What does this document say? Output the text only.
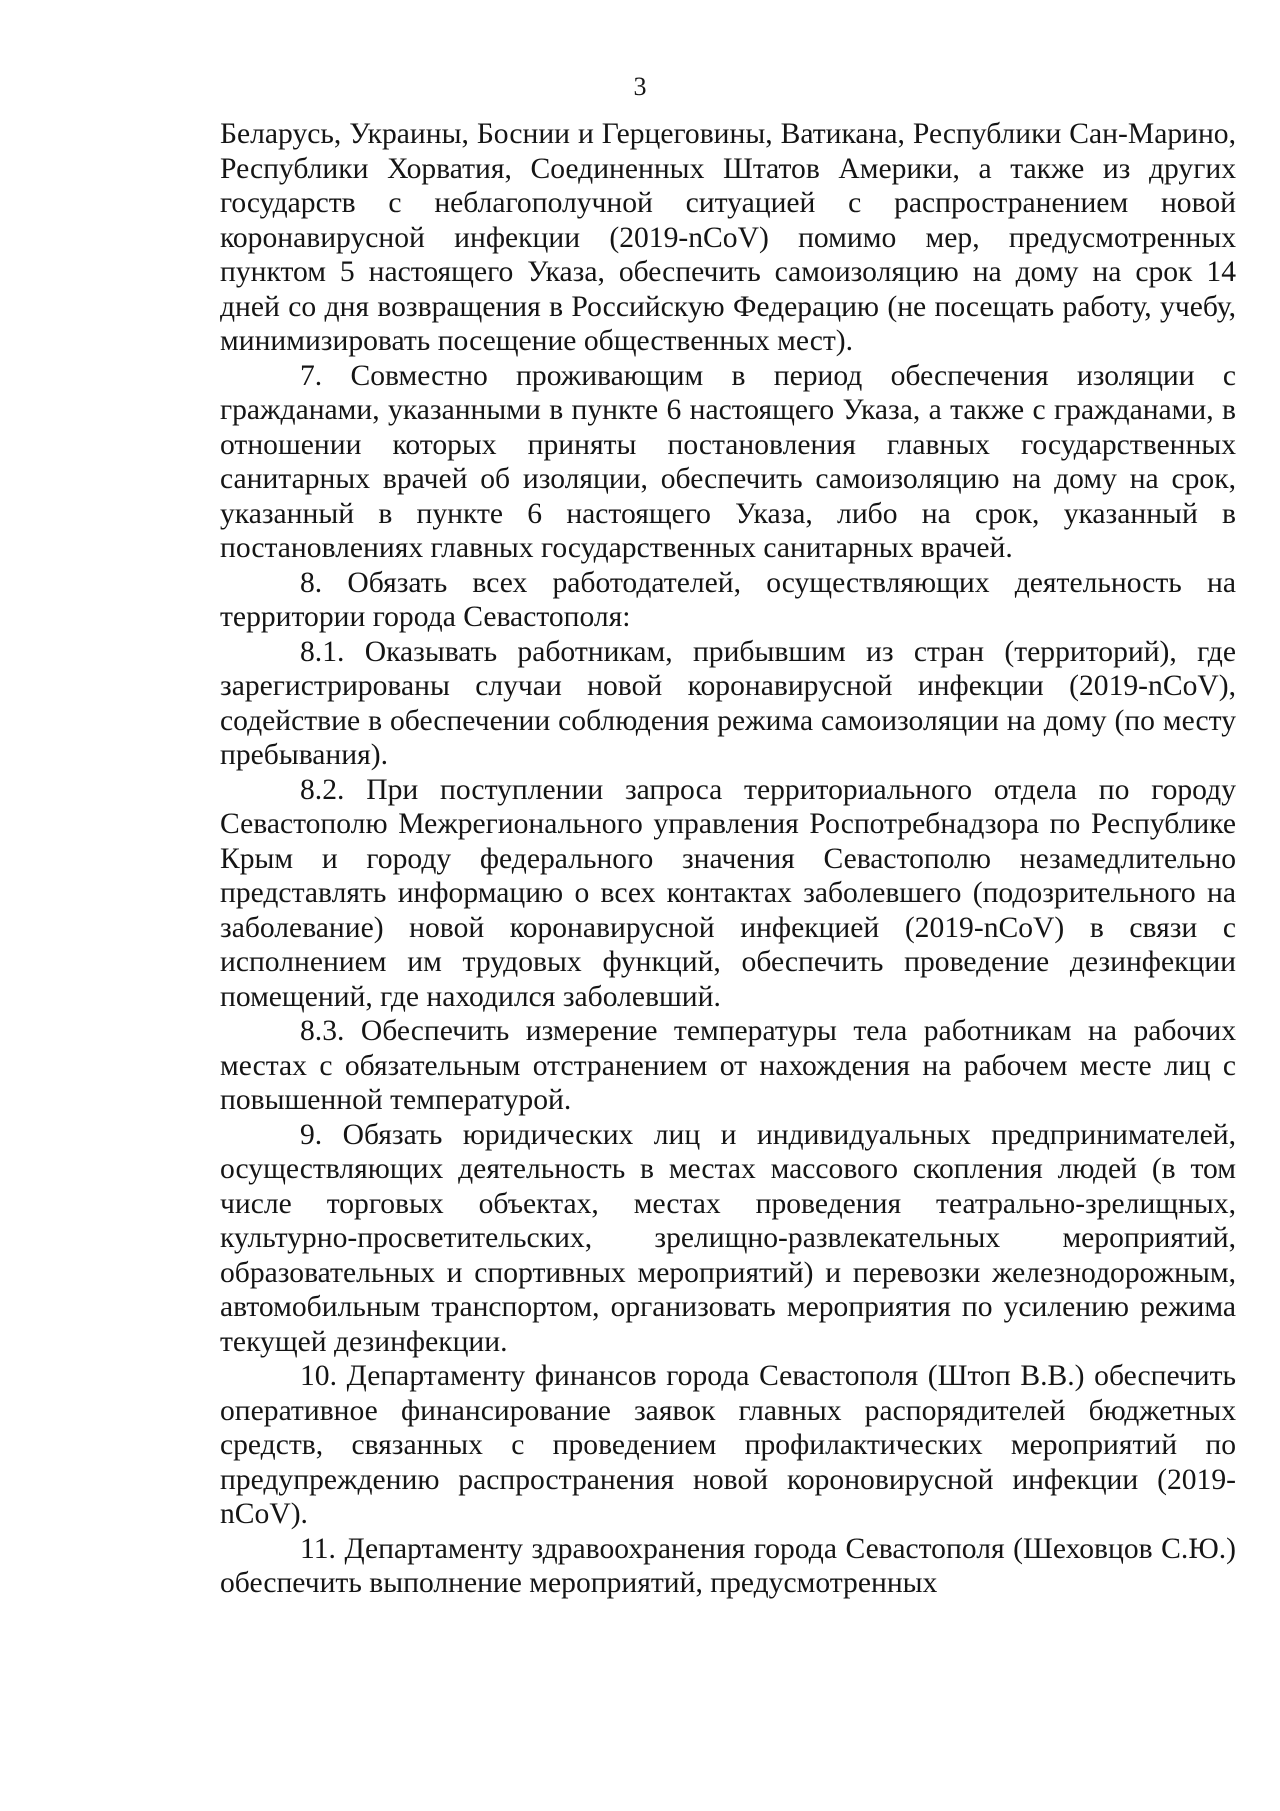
3

Беларусь, Украины, Боснии и Герцеговины, Ватикана, Республики Сан-Марино, Республики Хорватия, Соединенных Штатов Америки, а также из других государств с неблагополучной ситуацией с распространением новой коронавирусной инфекции (2019-nCoV) помимо мер, предусмотренных пунктом 5 настоящего Указа, обеспечить самоизоляцию на дому на срок 14 дней со дня возвращения в Российскую Федерацию (не посещать работу, учебу, минимизировать посещение общественных мест).

7. Совместно проживающим в период обеспечения изоляции с гражданами, указанными в пункте 6 настоящего Указа, а также с гражданами, в отношении которых приняты постановления главных государственных санитарных врачей об изоляции, обеспечить самоизоляцию на дому на срок, указанный в пункте 6 настоящего Указа, либо на срок, указанный в постановлениях главных государственных санитарных врачей.

8. Обязать всех работодателей, осуществляющих деятельность на территории города Севастополя:

8.1. Оказывать работникам, прибывшим из стран (территорий), где зарегистрированы случаи новой коронавирусной инфекции (2019-nCoV), содействие в обеспечении соблюдения режима самоизоляции на дому (по месту пребывания).

8.2. При поступлении запроса территориального отдела по городу Севастополю Межрегионального управления Роспотребнадзора по Республике Крым и городу федерального значения Севастополю незамедлительно представлять информацию о всех контактах заболевшего (подозрительного на заболевание) новой коронавирусной инфекцией (2019-nCoV) в связи с исполнением им трудовых функций, обеспечить проведение дезинфекции помещений, где находился заболевший.

8.3. Обеспечить измерение температуры тела работникам на рабочих местах с обязательным отстранением от нахождения на рабочем месте лиц с повышенной температурой.

9. Обязать юридических лиц и индивидуальных предпринимателей, осуществляющих деятельность в местах массового скопления людей (в том числе торговых объектах, местах проведения театрально-зрелищных, культурно-просветительских, зрелищно-развлекательных мероприятий, образовательных и спортивных мероприятий) и перевозки железнодорожным, автомобильным транспортом, организовать мероприятия по усилению режима текущей дезинфекции.

10. Департаменту финансов города Севастополя (Штоп В.В.) обеспечить оперативное финансирование заявок главных распорядителей бюджетных средств, связанных с проведением профилактических мероприятий по предупреждению распространения новой короновирусной инфекции (2019-nCoV).

11. Департаменту здравоохранения города Севастополя (Шеховцов С.Ю.) обеспечить выполнение мероприятий, предусмотренных
